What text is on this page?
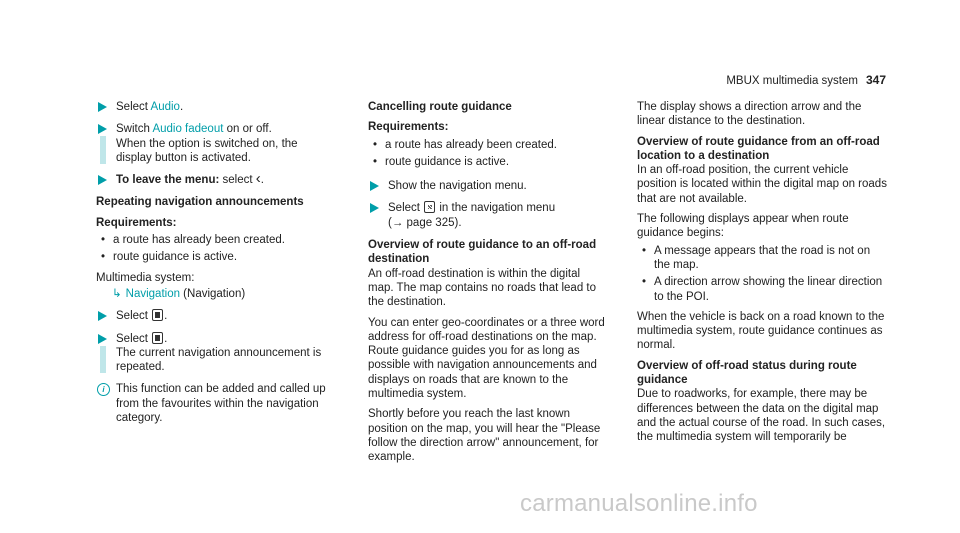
MBUX multimedia system 347
Select Audio.
Switch Audio fadeout on or off.
When the option is switched on, the display button is activated.
To leave the menu: select ‹.

Repeating navigation announcements

Requirements:

• a route has already been created.
• route guidance is active.

Multimedia system:

↳ Navigation (Navigation)
Select .
Select .
The current navigation announcement is repeated.
i This function can be added and called up from the favourites within the navigation category.

Cancelling route guidance

Requirements:

• a route has already been created.
• route guidance is active.
Show the navigation menu.
Select  in the navigation menu
(→ page 325).

Overview of route guidance to an off-road destination

An off-road destination is within the digital map. The map contains no roads that lead to the destination.

You can enter geo-coordinates or a three word address for off-road destinations on the map. Route guidance guides you for as long as possible with navigation announcements and displays on roads that are known to the multimedia system.

Shortly before you reach the last known position on the map, you will hear the "Please follow the direction arrow" announcement, for example.

The display shows a direction arrow and the linear distance to the destination.

Overview of route guidance from an off-road location to a destination

In an off-road position, the current vehicle position is located within the digital map on roads that are not available.

The following displays appear when route guidance begins:

• A message appears that the road is not on the map.
• A direction arrow showing the linear direction to the POI.

When the vehicle is back on a road known to the multimedia system, route guidance continues as normal.

Overview of off-road status during route guidance

Due to roadworks, for example, there may be differences between the data on the digital map and the actual course of the road. In such cases, the multimedia system will temporarily be

carmanualsonline.info
